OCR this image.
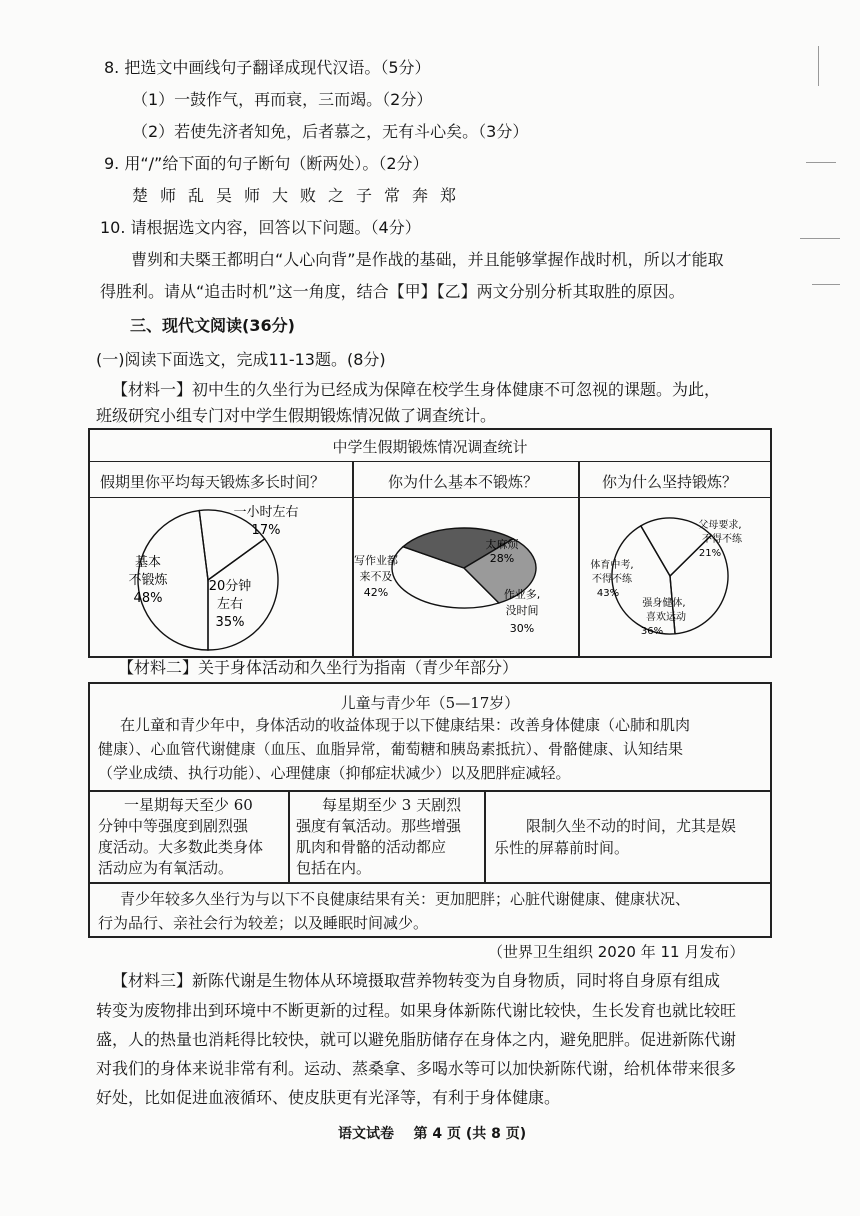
8. 把选文中画线句子翻译成现代汉语。（5分）
（1）一鼓作气，再而衰，三而竭。（2分）
（2）若使先济者知免，后者慕之，无有斗心矣。（3分）
9. 用“/”给下面的句子断句（断两处）。（2分）
楚师乱吴师大败之子常奔郑
10. 请根据选文内容，回答以下问题。（4分）
曹刿和夫槩王都明白“人心向背”是作战的基础，并且能够掌握作战时机，所以才能取
得胜利。请从“追击时机”这一角度，结合【甲】【乙】两文分别分析其取胜的原因。
三、现代文阅读(36分)
(一)阅读下面选文，完成11-13题。(8分)
【材料一】初中生的久坐行为已经成为保障在校学生身体健康不可忽视的课题。为此，
班级研究小组专门对中学生假期锻炼情况做了调查统计。
中学生假期锻炼情况调查统计
假期里你平均每天锻炼多长时间？	你为什么基本不锻炼？	你为什么坚持锻炼？
基本
不锻炼
48%
一小时左右
17%
20分钟
左右
35%
写作业都
来不及
42%
太麻烦
28%
作业多,
没时间
30%
体育中考,
不得不练
43%
父母要求,
不得不练
21%
强身健体,
喜欢运动
36%
【材料二】关于身体活动和久坐行为指南（青少年部分）
儿童与青少年（5—17岁）
在儿童和青少年中，身体活动的收益体现于以下健康结果：改善身体健康（心肺和肌肉
健康）、心血管代谢健康（血压、血脂异常，葡萄糖和胰岛素抵抗）、骨骼健康、认知结果
（学业成绩、执行功能）、心理健康（抑郁症状减少）以及肥胖症减轻。
一星期每天至少 60
分钟中等强度到剧烈强
度活动。大多数此类身体
活动应为有氧活动。
每星期至少 3 天剧烈
强度有氧活动。那些增强
肌肉和骨骼的活动都应
包括在内。
限制久坐不动的时间，尤其是娱
乐性的屏幕前时间。
青少年较多久坐行为与以下不良健康结果有关：更加肥胖；心脏代谢健康、健康状况、
行为品行、亲社会行为较差；以及睡眠时间减少。
（世界卫生组织 2020 年 11 月发布）
【材料三】新陈代谢是生物体从环境摄取营养物转变为自身物质，同时将自身原有组成
转变为废物排出到环境中不断更新的过程。如果身体新陈代谢比较快，生长发育也就比较旺
盛，人的热量也消耗得比较快，就可以避免脂肪储存在身体之内，避免肥胖。促进新陈代谢
对我们的身体来说非常有利。运动、蒸桑拿、多喝水等可以加快新陈代谢，给机体带来很多
好处，比如促进血液循环、使皮肤更有光泽等，有利于身体健康。
语文试卷    第 4 页 (共 8 页)
